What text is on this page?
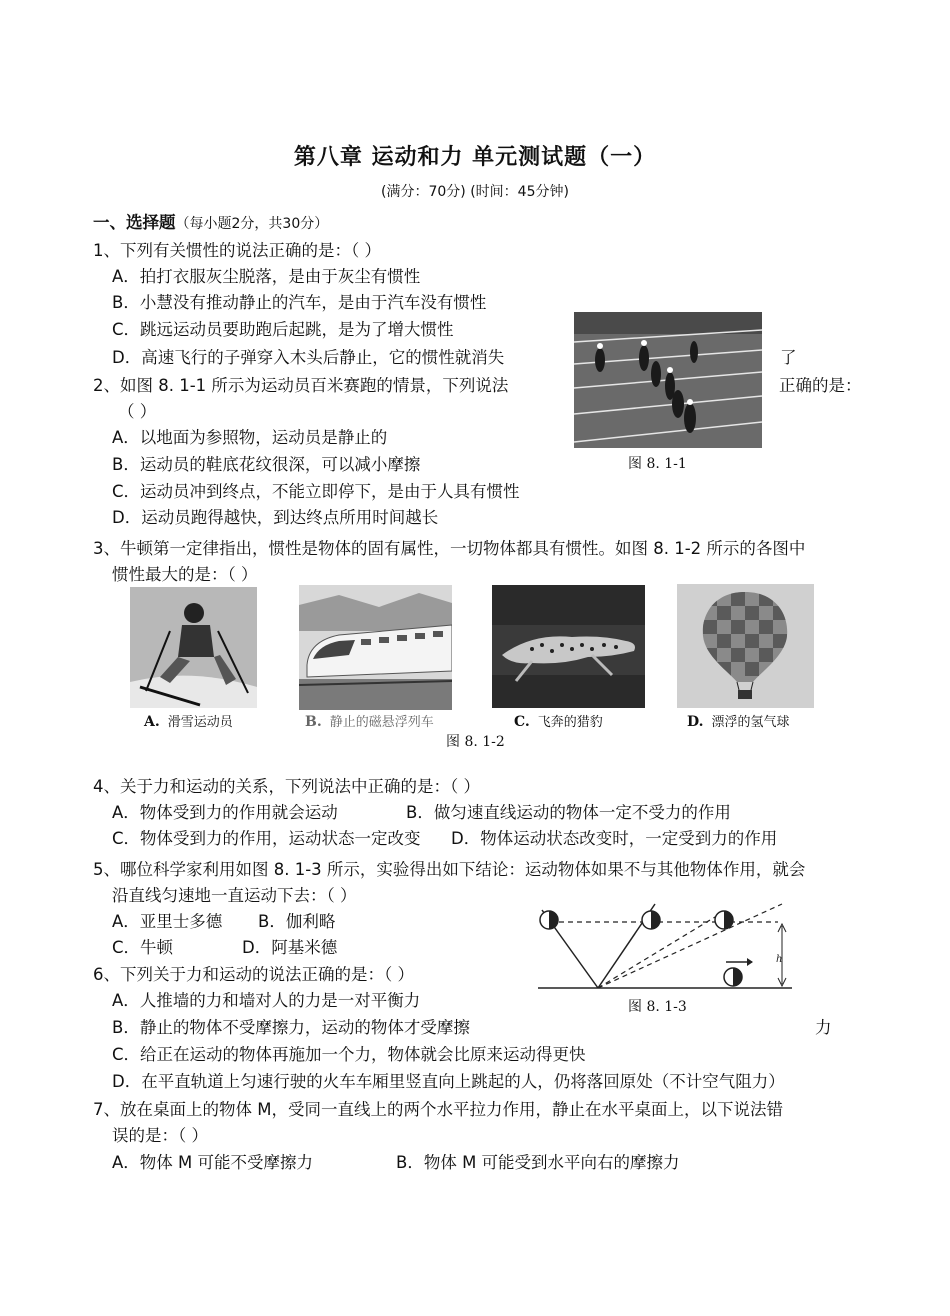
第八章 运动和力 单元测试题（一）
(满分：70分) (时间：45分钟)
一、选择题（每小题2分，共30分）
1、下列有关惯性的说法正确的是：（ ）
A．拍打衣服灰尘脱落，是由于灰尘有惯性
B．小慧没有推动静止的汽车，是由于汽车没有惯性
C．跳远运动员要助跑后起跳，是为了增大惯性
D．高速飞行的子弹穿入木头后静止，它的惯性就消失	了
2、如图 8. 1-1 所示为运动员百米赛跑的情景，下列说法	正确的是：
（ ）
A．以地面为参照物，运动员是静止的
B．运动员的鞋底花纹很深，可以减小摩擦	图 8. 1-1
C．运动员冲到终点，不能立即停下，是由于人具有惯性
D．运动员跑得越快，到达终点所用时间越长
3、牛顿第一定律指出，惯性是物体的固有属性，一切物体都具有惯性。如图 8. 1-2 所示的各图中
惯性最大的是：（ ）
A. 滑雪运动员	B. 静止的磁悬浮列车	C. 飞奔的猎豹	D. 漂浮的氢气球
图 8. 1-2
4、关于力和运动的关系，下列说法中正确的是：（ ）
A．物体受到力的作用就会运动	B．做匀速直线运动的物体一定不受力的作用
C．物体受到力的作用，运动状态一定改变 D．物体运动状态改变时，一定受到力的作用
5、哪位科学家利用如图 8. 1-3 所示，实验得出如下结论：运动物体如果不与其他物体作用，就会
沿直线匀速地一直运动下去：（ ）
A．亚里士多德 B．伽利略
C．牛顿	D．阿基米德
h
图 8. 1-3
6、下列关于力和运动的说法正确的是：（ ）
A．人推墙的力和墙对人的力是一对平衡力
B．静止的物体不受摩擦力，运动的物体才受摩擦	力
C．给正在运动的物体再施加一个力，物体就会比原来运动得更快
D．在平直轨道上匀速行驶的火车车厢里竖直向上跳起的人，仍将落回原处（不计空气阻力）
7、放在桌面上的物体 M，受同一直线上的两个水平拉力作用，静止在水平桌面上，以下说法错
误的是：（ ）
A．物体 M 可能不受摩擦力	B．物体 M 可能受到水平向右的摩擦力
